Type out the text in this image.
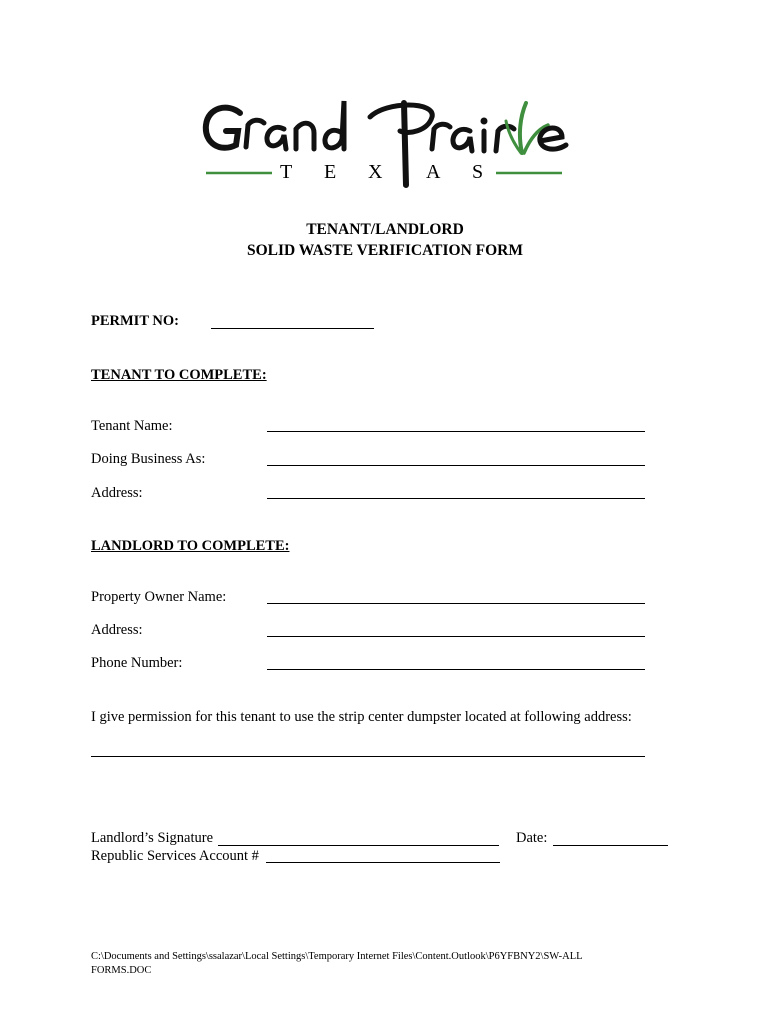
T E X A S
TENANT/LANDLORD
SOLID WASTE VERIFICATION FORM
PERMIT NO:
TENANT TO COMPLETE:
Tenant Name:
Doing Business As:
Address:
LANDLORD TO COMPLETE:
Property Owner Name:
Address:
Phone Number:
I give permission for this tenant to use the strip center dumpster located at following address:
Landlord’s Signature	Date:
Republic Services Account #
C:\Documents and Settings\ssalazar\Local Settings\Temporary Internet Files\Content.Outlook\P6YFBNY2\SW-ALL
FORMS.DOC
